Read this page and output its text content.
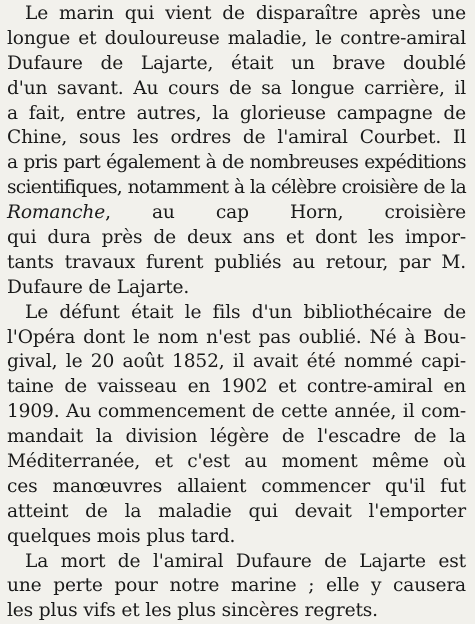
Le marin qui vient de disparaître après une
longue et douloureuse maladie, le contre-amiral
Dufaure de Lajarte, était un brave doublé
d'un savant. Au cours de sa longue carrière, il
a fait, entre autres, la glorieuse campagne de
Chine, sous les ordres de l'amiral Courbet. Il
a pris part également à de nombreuses expéditions
scientifiques, notamment à la célèbre croisière de la
Romanche, au cap Horn, croisière
qui dura près de deux ans et dont les impor-
tants travaux furent publiés au retour, par M.
Dufaure de Lajarte.
Le défunt était le fils d'un bibliothécaire de
l'Opéra dont le nom n'est pas oublié. Né à Bou-
gival, le 20 août 1852, il avait été nommé capi-
taine de vaisseau en 1902 et contre-amiral en
1909. Au commencement de cette année, il com-
mandait la division légère de l'escadre de la
Méditerranée, et c'est au moment même où
ces manœuvres allaient commencer qu'il fut
atteint de la maladie qui devait l'emporter
quelques mois plus tard.
La mort de l'amiral Dufaure de Lajarte est
une perte pour notre marine ; elle y causera
les plus vifs et les plus sincères regrets.
